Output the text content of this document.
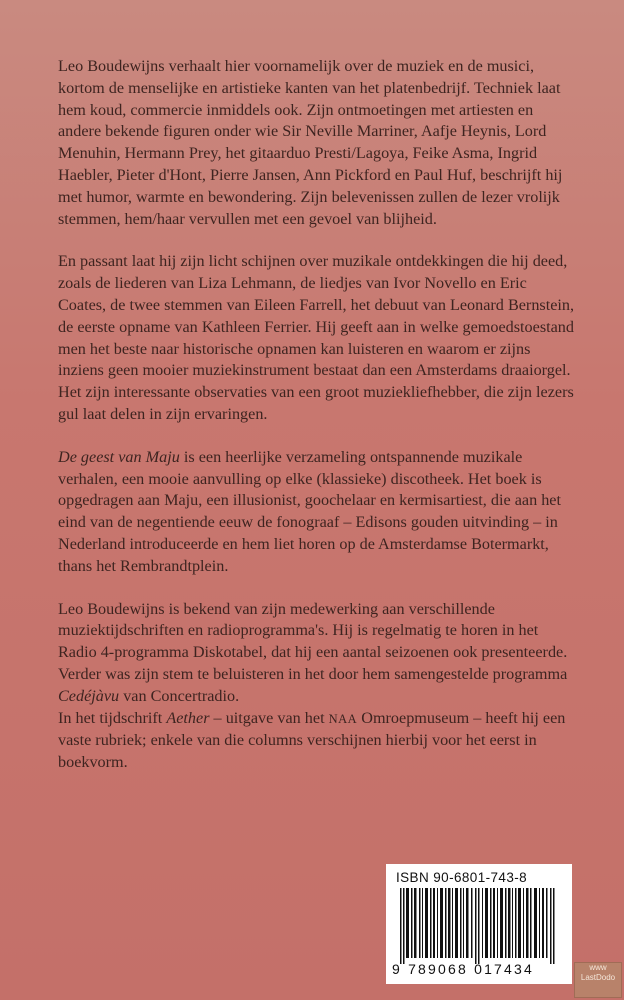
Leo Boudewijns verhaalt hier voornamelijk over de muziek en de musici, kortom de menselijke en artistieke kanten van het platenbedrijf. Techniek laat hem koud, commercie inmiddels ook. Zijn ontmoetingen met artiesten en andere bekende figuren onder wie Sir Neville Marriner, Aafje Heynis, Lord Menuhin, Hermann Prey, het gitaarduo Presti/Lagoya, Feike Asma, Ingrid Haebler, Pieter d'Hont, Pierre Jansen, Ann Pickford en Paul Huf, beschrijft hij met humor, warmte en bewondering. Zijn belevenissen zullen de lezer vrolijk stemmen, hem/haar vervullen met een gevoel van blijheid.

En passant laat hij zijn licht schijnen over muzikale ontdekkingen die hij deed, zoals de liederen van Liza Lehmann, de liedjes van Ivor Novello en Eric Coates, de twee stemmen van Eileen Farrell, het debuut van Leonard Bernstein, de eerste opname van Kathleen Ferrier. Hij geeft aan in welke gemoedstoestand men het beste naar historische opnamen kan luisteren en waarom er zijns inziens geen mooier muziekinstrument bestaat dan een Amsterdams draaiorgel. Het zijn interessante observaties van een groot muziekliefhebber, die zijn lezers gul laat delen in zijn ervaringen.

De geest van Maju is een heerlijke verzameling ontspannende muzikale verhalen, een mooie aanvulling op elke (klassieke) discotheek. Het boek is opgedragen aan Maju, een illusionist, goochelaar en kermisartiest, die aan het eind van de negentiende eeuw de fonograaf – Edisons gouden uitvinding – in Nederland introduceerde en hem liet horen op de Amsterdamse Botermarkt, thans het Rembrandtplein.

Leo Boudewijns is bekend van zijn medewerking aan verschillende muziektijdschriften en radioprogramma's. Hij is regelmatig te horen in het Radio 4-programma Diskotabel, dat hij een aantal seizoenen ook presenteerde. Verder was zijn stem te beluisteren in het door hem samengestelde programma Cedéjàvu van Concertradio.

In het tijdschrift Aether – uitgave van het NAA Omroepmuseum – heeft hij een vaste rubriek; enkele van die columns verschijnen hierbij voor het eerst in boekvorm.

ISBN 90-6801-743-8
9 789068 017434	www
LastDodo
